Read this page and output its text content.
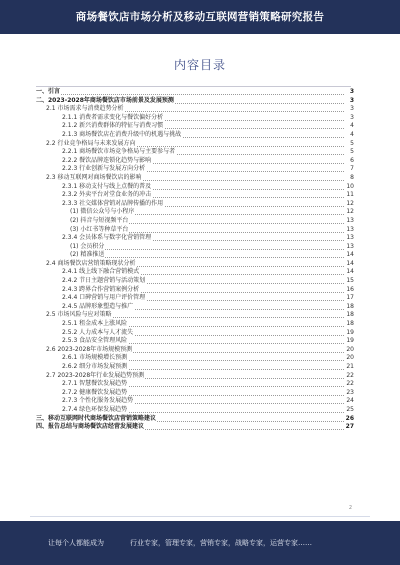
商场餐饮店市场分析及移动互联网营销策略研究报告
内容目录
一、引言	3
二、2023-2028年商场餐饮店市场前景及发展预测	3
2.1 市场需求与消费趋势分析	3
2.1.1 消费者需求变化与餐饮偏好分析	3
2.1.2 新兴消费群体的特征与消费习惯	4
2.1.3 商场餐饮店在消费升级中的机遇与挑战	4
2.2 行业竞争格局与未来发展方向	5
2.2.1 商场餐饮市场竞争格局与主要参与者	5
2.2.2 餐饮品牌连锁化趋势与影响	6
2.2.3 行业创新与发展方向分析	7
2.3 移动互联网对商场餐饮店的影响	8
2.3.1 移动支付与线上点餐的普及	10
2.3.2 外卖平台对堂食业务的冲击	11
2.3.3 社交媒体营销对品牌传播的作用	12
(1) 微信公众号与小程序	12
(2) 抖音与短视频平台	13
(3) 小红书等种草平台	13
2.3.4 会员体系与数字化营销管理	13
(1) 会员积分	13
(2) 精准推送	14
2.4 商场餐饮店营销策略现状分析	14
2.4.1 线上线下融合营销模式	14
2.4.2 节日主题营销与活动策划	15
2.4.3 跨界合作营销案例分析	16
2.4.4 口碑营销与用户评价管理	17
2.4.5 品牌形象塑造与推广	18
2.5 市场风险与应对策略	18
2.5.1 租金成本上涨风险	18
2.5.2 人力成本与人才流失	19
2.5.3 食品安全管理风险	19
2.6 2023-2028年市场规模预测	20
2.6.1 市场规模增长预测	20
2.6.2 细分市场发展预测	21
2.7 2023-2028年行业发展趋势预测	22
2.7.1 智慧餐饮发展趋势	22
2.7.2 健康餐饮发展趋势	23
2.7.3 个性化服务发展趋势	24
2.7.4 绿色环保发展趋势	25
三、移动互联网时代商场餐饮店营销策略建议	26
四、报告总结与商场餐饮店经营发展建议	27
2
让每个人都能成为	行业专家，管理专家，营销专家，战略专家，运营专家……
